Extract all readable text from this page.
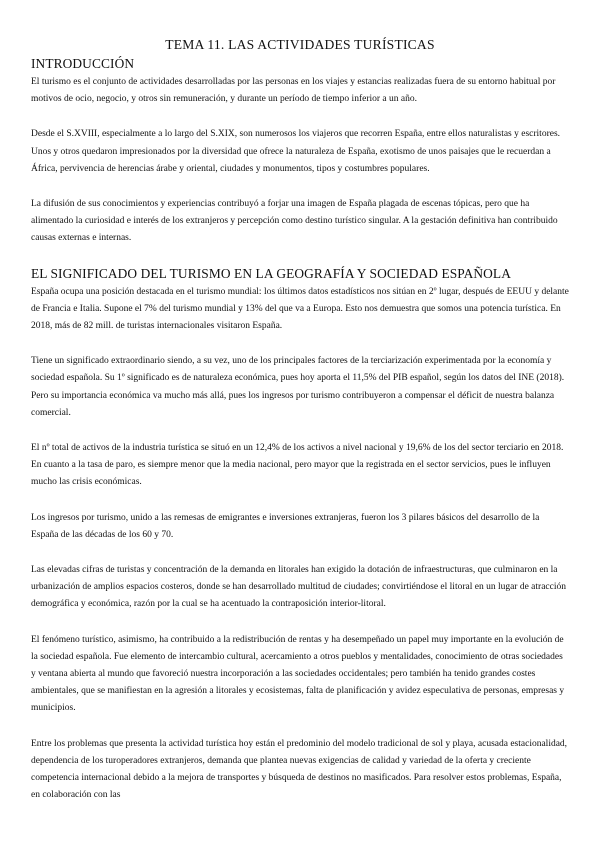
TEMA 11. LAS ACTIVIDADES TURÍSTICAS
INTRODUCCIÓN

El turismo es el conjunto de actividades desarrolladas por las personas en los viajes y estancias realizadas fuera de su entorno habitual por motivos de ocio, negocio, y otros sin remuneración, y durante un período de tiempo inferior a un año.

Desde el S.XVIII, especialmente a lo largo del S.XIX, son numerosos los viajeros que recorren España, entre ellos naturalistas y escritores. Unos y otros quedaron impresionados por la diversidad que ofrece la naturaleza de España, exotismo de unos paisajes que le recuerdan a África, pervivencia de herencias árabe y oriental, ciudades y monumentos, tipos y costumbres populares.

La difusión de sus conocimientos y experiencias contribuyó a forjar una imagen de España plagada de escenas tópicas, pero que ha alimentado la curiosidad e interés de los extranjeros y percepción como destino turístico singular. A la gestación definitiva han contribuido causas externas e internas.

EL SIGNIFICADO DEL TURISMO EN LA GEOGRAFÍA Y SOCIEDAD ESPAÑOLA

España ocupa una posición destacada en el turismo mundial: los últimos datos estadísticos nos sitúan en 2º lugar, después de EEUU y delante de Francia e Italia. Supone el 7% del turismo mundial y 13% del que va a Europa. Esto nos demuestra que somos una potencia turística. En 2018, más de 82 mill. de turistas internacionales visitaron España.

Tiene un significado extraordinario siendo, a su vez, uno de los principales factores de la terciarización experimentada por la economía y sociedad española. Su 1º significado es de naturaleza económica, pues hoy aporta el 11,5% del PIB español, según los datos del INE (2018). Pero su importancia económica va mucho más allá, pues los ingresos por turismo contribuyeron a compensar el déficit de nuestra balanza comercial.

El nº total de activos de la industria turística se situó en un 12,4% de los activos a nivel nacional y 19,6% de los del sector terciario en 2018. En cuanto a la tasa de paro, es siempre menor que la media nacional, pero mayor que la registrada en el sector servicios, pues le influyen mucho las crisis económicas.

Los ingresos por turismo, unido a las remesas de emigrantes e inversiones extranjeras, fueron los 3 pilares básicos del desarrollo de la España de las décadas de los 60 y 70.

Las elevadas cifras de turistas y concentración de la demanda en litorales han exigido la dotación de infraestructuras, que culminaron en la urbanización de amplios espacios costeros, donde se han desarrollado multitud de ciudades; convirtiéndose el litoral en un lugar de atracción demográfica y económica, razón por la cual se ha acentuado la contraposición interior-litoral.

El fenómeno turístico, asimismo, ha contribuido a la redistribución de rentas y ha desempeñado un papel muy importante en la evolución de la sociedad española. Fue elemento de intercambio cultural, acercamiento a otros pueblos y mentalidades, conocimiento de otras sociedades y ventana abierta al mundo que favoreció nuestra incorporación a las sociedades occidentales; pero también ha tenido grandes costes ambientales, que se manifiestan en la agresión a litorales y ecosistemas, falta de planificación y avidez especulativa de personas, empresas y municipios.

Entre los problemas que presenta la actividad turística hoy están el predominio del modelo tradicional de sol y playa, acusada estacionalidad, dependencia de los turoperadores extranjeros, demanda que plantea nuevas exigencias de calidad y variedad de la oferta y creciente competencia internacional debido a la mejora de transportes y búsqueda de destinos no masificados. Para resolver estos problemas, España, en colaboración con las
